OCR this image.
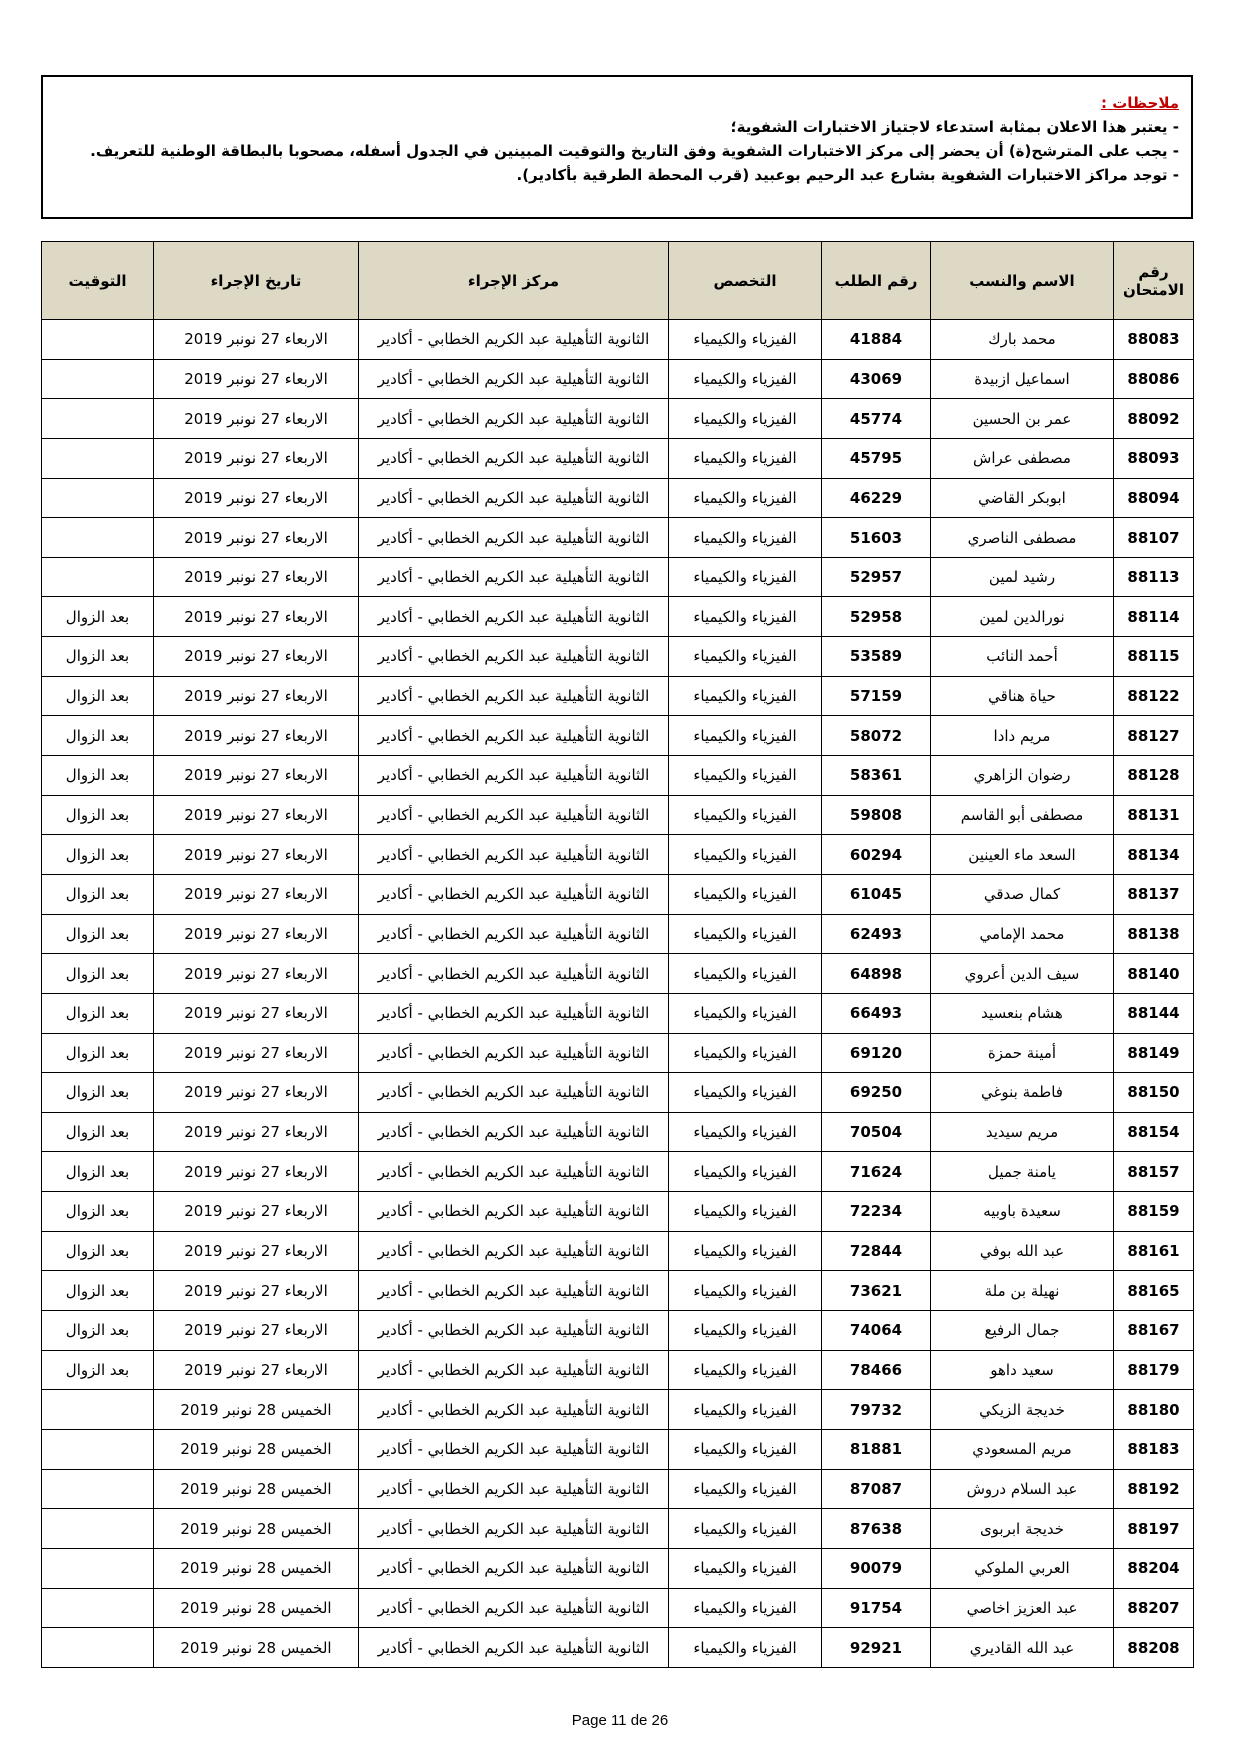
ملاحظات :
- يعتبر هذا الاعلان بمثابة استدعاء لاجتياز الاختبارات الشفوية؛
- يجب على المترشح(ة) أن يحضر إلى مركز الاختبارات الشفوية وفق التاريخ والتوقيت المبينين في الجدول أسفله، مصحوبا بالبطاقة الوطنية للتعريف.
- توجد مراكز الاختبارات الشفوية بشارع عبد الرحيم بوعبيد (قرب المحطة الطرقية بأكادير).
رقم الامتحان	الاسم والنسب	رقم الطلب	التخصص	مركز الإجراء	تاريخ الإجراء	التوقيت
88083	محمد بارك	41884	الفيزياء والكيمياء	الثانوية التأهيلية عبد الكريم الخطابي - أكادير	الاربعاء 27 نونبر 2019	
88086	اسماعيل ازبيدة	43069	الفيزياء والكيمياء	الثانوية التأهيلية عبد الكريم الخطابي - أكادير	الاربعاء 27 نونبر 2019	
88092	عمر بن الحسين	45774	الفيزياء والكيمياء	الثانوية التأهيلية عبد الكريم الخطابي - أكادير	الاربعاء 27 نونبر 2019	
88093	مصطفى عراش	45795	الفيزياء والكيمياء	الثانوية التأهيلية عبد الكريم الخطابي - أكادير	الاربعاء 27 نونبر 2019	
88094	ابوبكر القاضي	46229	الفيزياء والكيمياء	الثانوية التأهيلية عبد الكريم الخطابي - أكادير	الاربعاء 27 نونبر 2019	
88107	مصطفى الناصري	51603	الفيزياء والكيمياء	الثانوية التأهيلية عبد الكريم الخطابي - أكادير	الاربعاء 27 نونبر 2019	
88113	رشيد لمين	52957	الفيزياء والكيمياء	الثانوية التأهيلية عبد الكريم الخطابي - أكادير	الاربعاء 27 نونبر 2019	
88114	نورالدين لمين	52958	الفيزياء والكيمياء	الثانوية التأهيلية عبد الكريم الخطابي - أكادير	الاربعاء 27 نونبر 2019	بعد الزوال
88115	أحمد النائب	53589	الفيزياء والكيمياء	الثانوية التأهيلية عبد الكريم الخطابي - أكادير	الاربعاء 27 نونبر 2019	بعد الزوال
88122	حياة هناقي	57159	الفيزياء والكيمياء	الثانوية التأهيلية عبد الكريم الخطابي - أكادير	الاربعاء 27 نونبر 2019	بعد الزوال
88127	مريم دادا	58072	الفيزياء والكيمياء	الثانوية التأهيلية عبد الكريم الخطابي - أكادير	الاربعاء 27 نونبر 2019	بعد الزوال
88128	رضوان الزاهري	58361	الفيزياء والكيمياء	الثانوية التأهيلية عبد الكريم الخطابي - أكادير	الاربعاء 27 نونبر 2019	بعد الزوال
88131	مصطفى أبو القاسم	59808	الفيزياء والكيمياء	الثانوية التأهيلية عبد الكريم الخطابي - أكادير	الاربعاء 27 نونبر 2019	بعد الزوال
88134	السعد ماء العينين	60294	الفيزياء والكيمياء	الثانوية التأهيلية عبد الكريم الخطابي - أكادير	الاربعاء 27 نونبر 2019	بعد الزوال
88137	كمال صدقي	61045	الفيزياء والكيمياء	الثانوية التأهيلية عبد الكريم الخطابي - أكادير	الاربعاء 27 نونبر 2019	بعد الزوال
88138	محمد الإمامي	62493	الفيزياء والكيمياء	الثانوية التأهيلية عبد الكريم الخطابي - أكادير	الاربعاء 27 نونبر 2019	بعد الزوال
88140	سيف الدين أعروي	64898	الفيزياء والكيمياء	الثانوية التأهيلية عبد الكريم الخطابي - أكادير	الاربعاء 27 نونبر 2019	بعد الزوال
88144	هشام بنعسيد	66493	الفيزياء والكيمياء	الثانوية التأهيلية عبد الكريم الخطابي - أكادير	الاربعاء 27 نونبر 2019	بعد الزوال
88149	أمينة حمزة	69120	الفيزياء والكيمياء	الثانوية التأهيلية عبد الكريم الخطابي - أكادير	الاربعاء 27 نونبر 2019	بعد الزوال
88150	فاطمة بنوغي	69250	الفيزياء والكيمياء	الثانوية التأهيلية عبد الكريم الخطابي - أكادير	الاربعاء 27 نونبر 2019	بعد الزوال
88154	مريم سيديد	70504	الفيزياء والكيمياء	الثانوية التأهيلية عبد الكريم الخطابي - أكادير	الاربعاء 27 نونبر 2019	بعد الزوال
88157	يامنة جميل	71624	الفيزياء والكيمياء	الثانوية التأهيلية عبد الكريم الخطابي - أكادير	الاربعاء 27 نونبر 2019	بعد الزوال
88159	سعيدة باوبيه	72234	الفيزياء والكيمياء	الثانوية التأهيلية عبد الكريم الخطابي - أكادير	الاربعاء 27 نونبر 2019	بعد الزوال
88161	عبد الله بوفي	72844	الفيزياء والكيمياء	الثانوية التأهيلية عبد الكريم الخطابي - أكادير	الاربعاء 27 نونبر 2019	بعد الزوال
88165	نهيلة بن ملة	73621	الفيزياء والكيمياء	الثانوية التأهيلية عبد الكريم الخطابي - أكادير	الاربعاء 27 نونبر 2019	بعد الزوال
88167	جمال الرفيع	74064	الفيزياء والكيمياء	الثانوية التأهيلية عبد الكريم الخطابي - أكادير	الاربعاء 27 نونبر 2019	بعد الزوال
88179	سعيد داهو	78466	الفيزياء والكيمياء	الثانوية التأهيلية عبد الكريم الخطابي - أكادير	الاربعاء 27 نونبر 2019	بعد الزوال
88180	خديجة الزيكي	79732	الفيزياء والكيمياء	الثانوية التأهيلية عبد الكريم الخطابي - أكادير	الخميس 28 نونبر 2019	
88183	مريم المسعودي	81881	الفيزياء والكيمياء	الثانوية التأهيلية عبد الكريم الخطابي - أكادير	الخميس 28 نونبر 2019	
88192	عبد السلام دروش	87087	الفيزياء والكيمياء	الثانوية التأهيلية عبد الكريم الخطابي - أكادير	الخميس 28 نونبر 2019	
88197	خديجة ابربوى	87638	الفيزياء والكيمياء	الثانوية التأهيلية عبد الكريم الخطابي - أكادير	الخميس 28 نونبر 2019	
88204	العربي الملوكي	90079	الفيزياء والكيمياء	الثانوية التأهيلية عبد الكريم الخطابي - أكادير	الخميس 28 نونبر 2019	
88207	عبد العزيز اخاصي	91754	الفيزياء والكيمياء	الثانوية التأهيلية عبد الكريم الخطابي - أكادير	الخميس 28 نونبر 2019	
88208	عبد الله القاديري	92921	الفيزياء والكيمياء	الثانوية التأهيلية عبد الكريم الخطابي - أكادير	الخميس 28 نونبر 2019	
Page 11 de 26
